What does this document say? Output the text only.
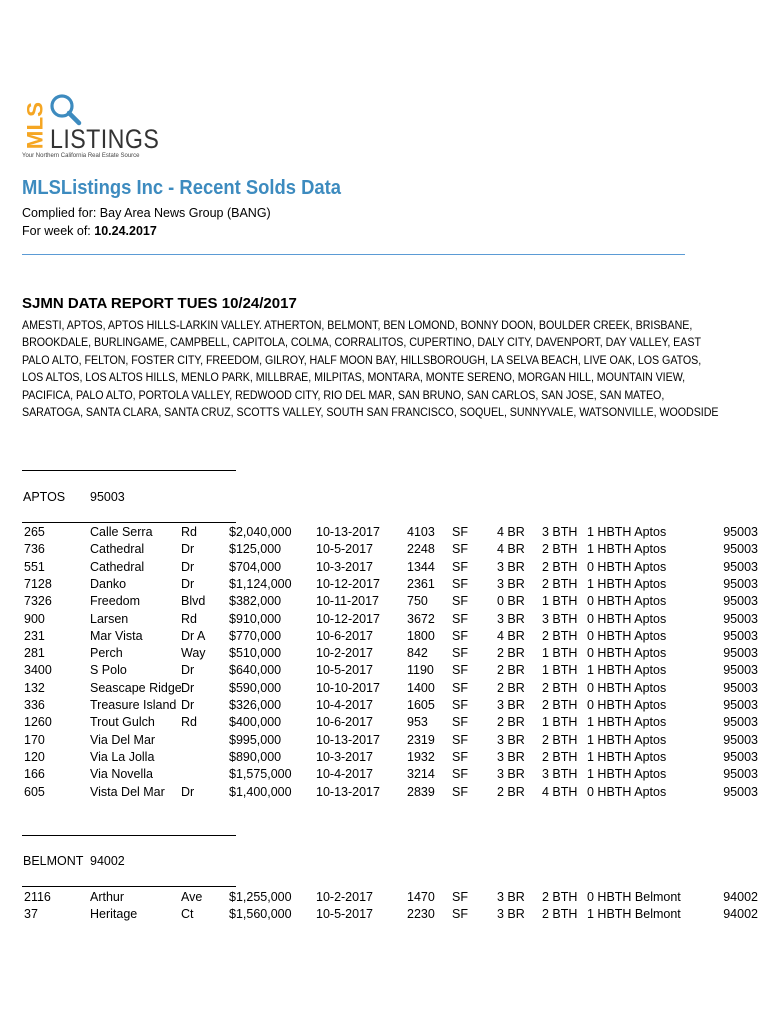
MLS LISTINGS
Your Northern California Real Estate Source
MLSListings Inc - Recent Solds Data
Complied for: Bay Area News Group (BANG)
For week of: 10.24.2017
SJMN DATA REPORT TUES 10/24/2017
AMESTI, APTOS, APTOS HILLS-LARKIN VALLEY. ATHERTON, BELMONT, BEN LOMOND, BONNY DOON, BOULDER CREEK, BRISBANE,
BROOKDALE, BURLINGAME, CAMPBELL, CAPITOLA, COLMA, CORRALITOS, CUPERTINO, DALY CITY, DAVENPORT, DAY VALLEY, EAST
PALO ALTO, FELTON, FOSTER CITY, FREEDOM, GILROY, HALF MOON BAY, HILLSBOROUGH, LA SELVA BEACH, LIVE OAK, LOS GATOS,
LOS ALTOS, LOS ALTOS HILLS, MENLO PARK, MILLBRAE, MILPITAS, MONTARA, MONTE SERENO, MORGAN HILL, MOUNTAIN VIEW,
PACIFICA, PALO ALTO, PORTOLA VALLEY, REDWOOD CITY, RIO DEL MAR, SAN BRUNO, SAN CARLOS, SAN JOSE, SAN MATEO,
SARATOGA, SANTA CLARA, SANTA CRUZ, SCOTTS VALLEY, SOUTH SAN FRANCISCO, SOQUEL, SUNNYVALE, WATSONVILLE, WOODSIDE
APTOS 95003
265	Calle Serra Rd	$2,040,000 10-13-2017 4103 SF 4 BR 3 BTH 1 HBTH Aptos	95003
736	Cathedral	Dr	$125,000	10-5-2017	2248 SF 4 BR 2 BTH 1 HBTH Aptos	95003
551	Cathedral	Dr	$704,000	10-3-2017	1344 SF 3 BR 2 BTH 0 HBTH Aptos	95003
7128	Danko	Dr	$1,124,000 10-12-2017 2361 SF 3 BR 2 BTH 1 HBTH Aptos	95003
7326	Freedom	Blvd $382,000	10-11-2017 750 SF 0 BR 1 BTH 0 HBTH Aptos	95003
900	Larsen	Rd	$910,000	10-12-2017 3672 SF 3 BR 3 BTH 0 HBTH Aptos	95003
231	Mar Vista	Dr A $770,000	10-6-2017	1800 SF 4 BR 2 BTH 0 HBTH Aptos	95003
281	Perch	Way $510,000	10-2-2017	842 SF 2 BR 1 BTH 0 HBTH Aptos	95003
3400	S Polo	Dr	$640,000	10-5-2017	1190 SF 2 BR 1 BTH 1 HBTH Aptos	95003
132	Seascape Ridge Dr	$590,000	10-10-2017 1400 SF 2 BR 2 BTH 0 HBTH Aptos	95003
336	Treasure Island Dr	$326,000	10-4-2017	1605 SF 3 BR 2 BTH 0 HBTH Aptos	95003
1260	Trout Gulch Rd	$400,000	10-6-2017	953 SF 2 BR 1 BTH 1 HBTH Aptos	95003
170	Via Del Mar	$995,000	10-13-2017 2319 SF 3 BR 2 BTH 1 HBTH Aptos	95003
120	Via La Jolla	$890,000	10-3-2017	1932 SF 3 BR 2 BTH 1 HBTH Aptos	95003
166	Via Novella	$1,575,000 10-4-2017	3214 SF 3 BR 3 BTH 1 HBTH Aptos	95003
605	Vista Del Mar Dr	$1,400,000 10-13-2017 2839 SF 2 BR 4 BTH 0 HBTH Aptos	95003
BELMONT 94002
2116	Arthur	Ave $1,255,000 10-2-2017	1470 SF 3 BR 2 BTH 0 HBTH Belmont	94002
37	Heritage	Ct	$1,560,000 10-5-2017	2230 SF 3 BR 2 BTH 1 HBTH Belmont	94002
